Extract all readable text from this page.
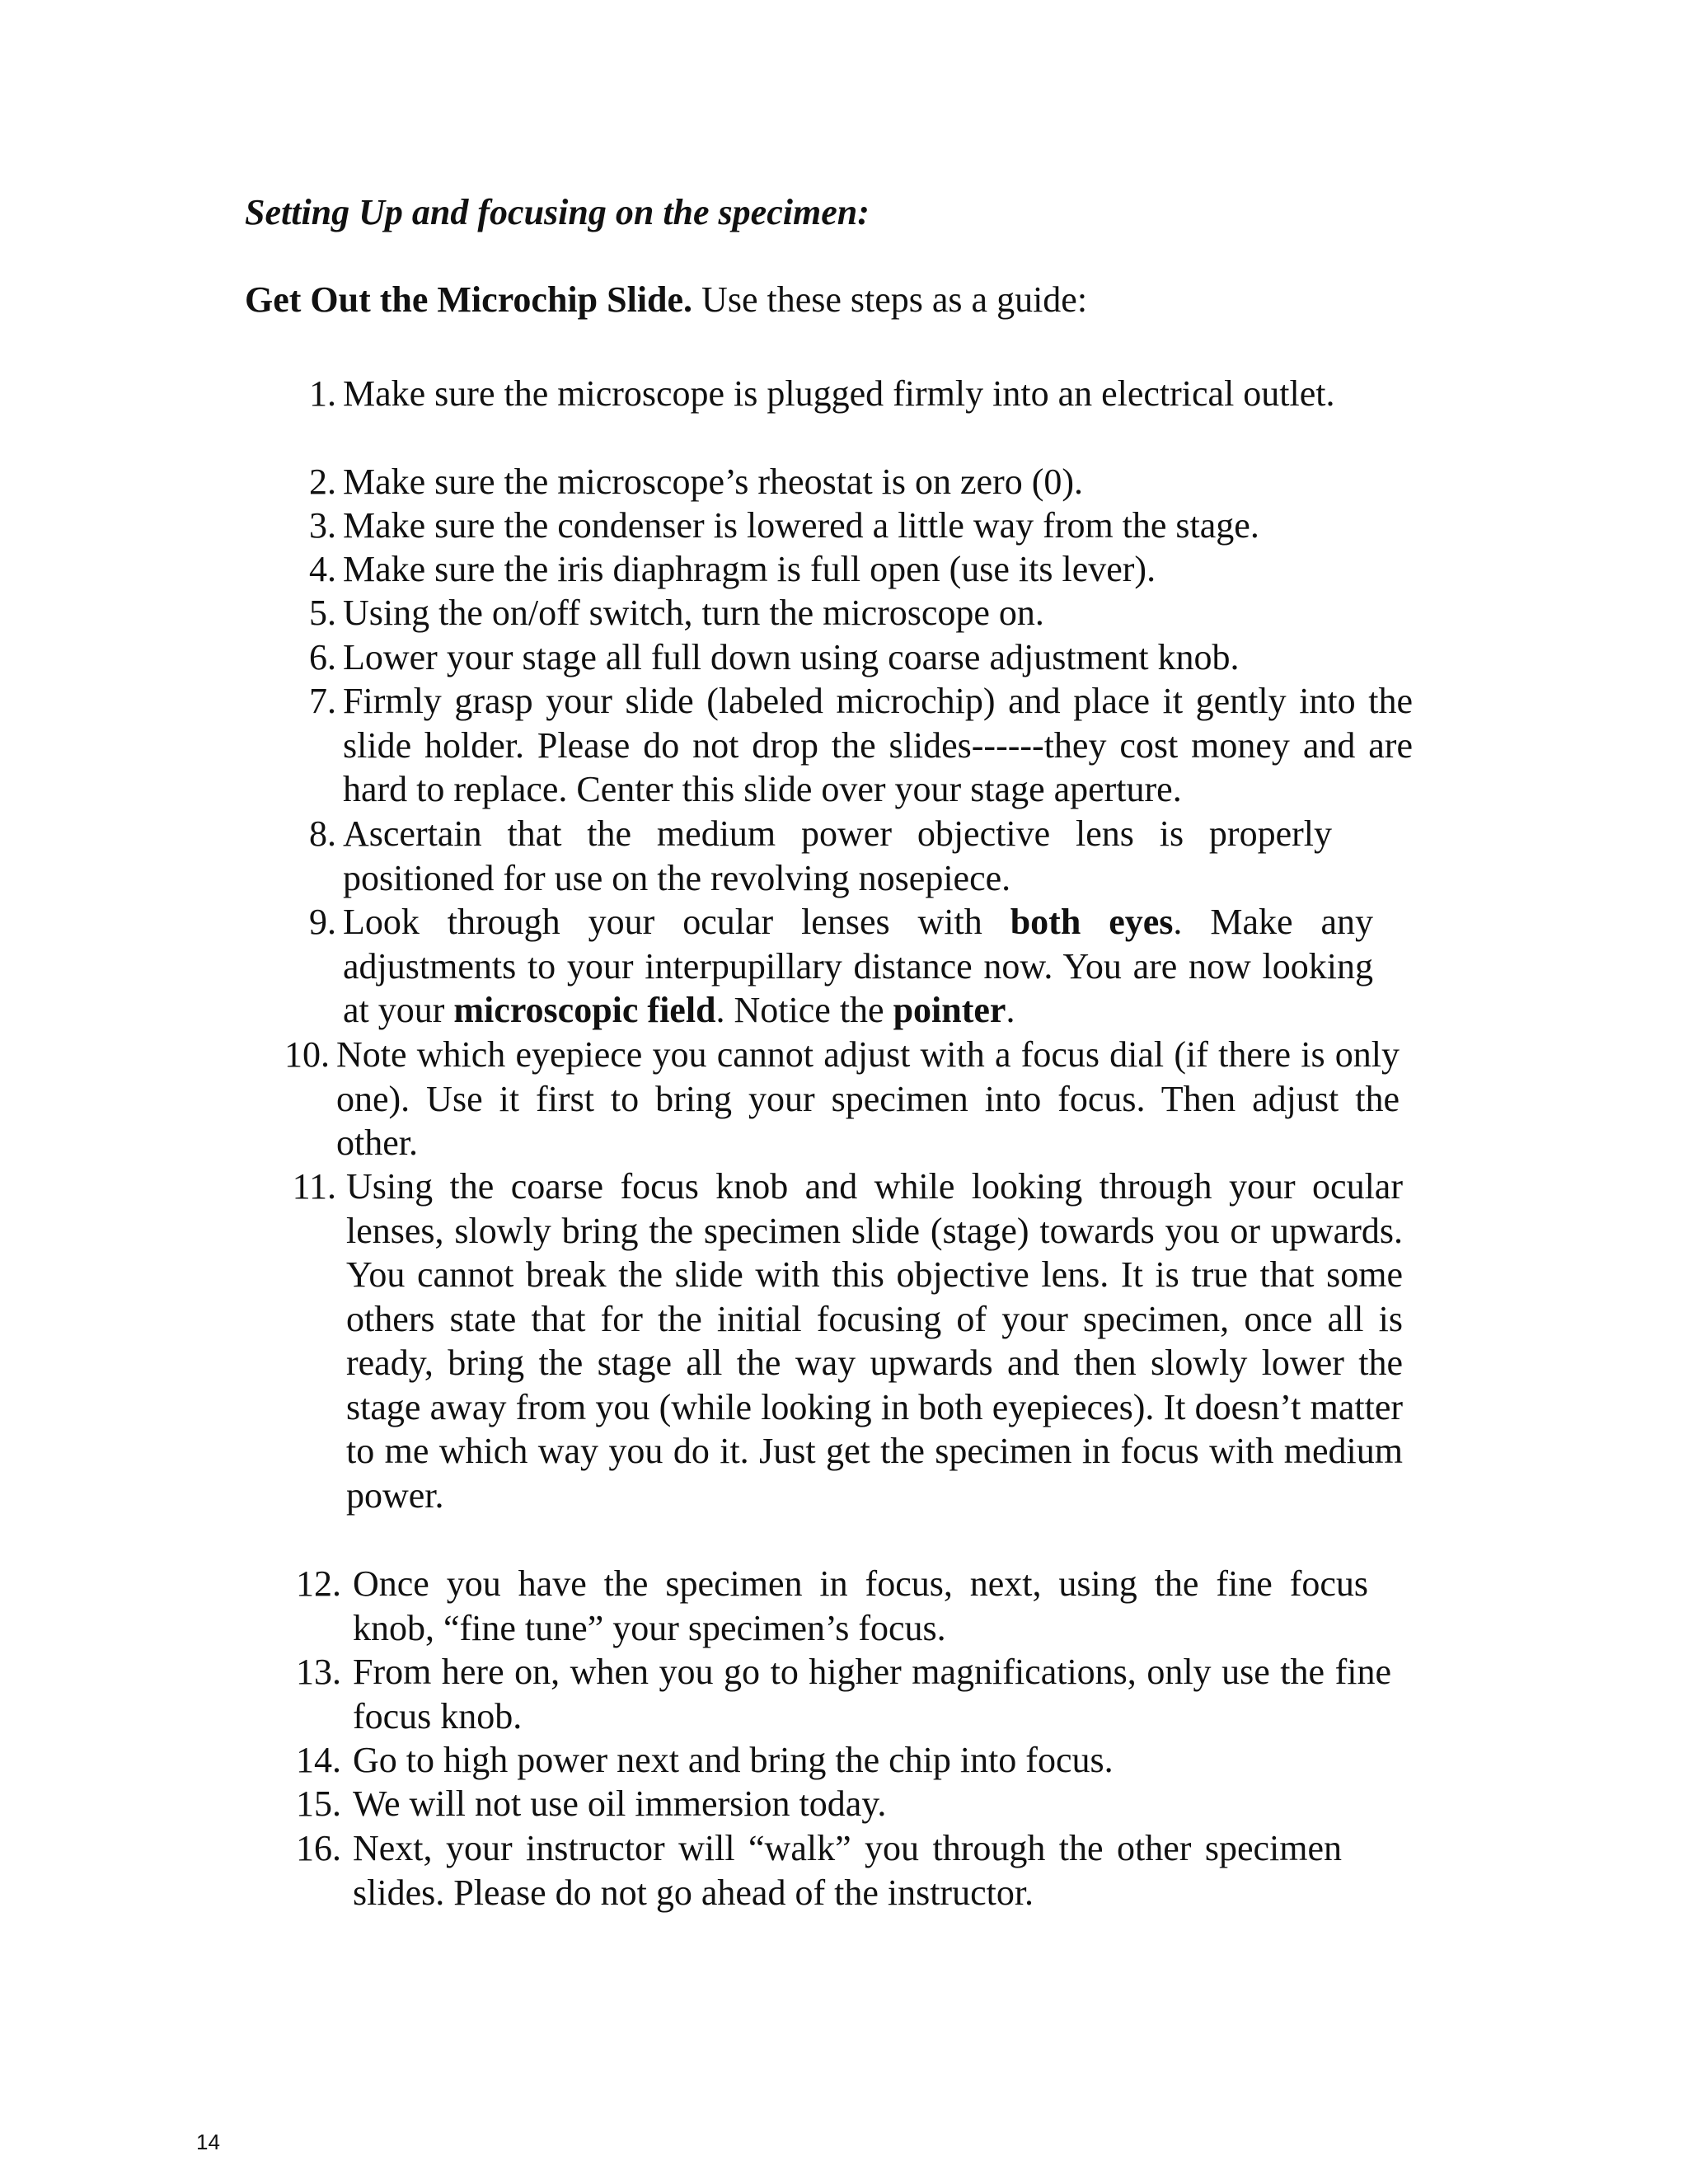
Setting Up and focusing on the specimen:

Get Out the Microchip Slide. Use these steps as a guide:

1. Make sure the microscope is plugged firmly into an electrical outlet.
2. Make sure the microscope’s rheostat is on zero (0).
3. Make sure the condenser is lowered a little way from the stage.
4. Make sure the iris diaphragm is full open (use its lever).
5. Using the on/off switch, turn the microscope on.
6. Lower your stage all full down using coarse adjustment knob.
7. Firmly grasp your slide (labeled microchip) and place it gently into the slide holder. Please do not drop the slides------they cost money and are hard to replace. Center this slide over your stage aperture.
8. Ascertain that the medium power objective lens is properly positioned for use on the revolving nosepiece.
9. Look through your ocular lenses with both eyes. Make any adjustments to your interpupillary distance now. You are now looking at your microscopic field. Notice the pointer.
10. Note which eyepiece you cannot adjust with a focus dial (if there is only one). Use it first to bring your specimen into focus. Then adjust the other.
11. Using the coarse focus knob and while looking through your ocular lenses, slowly bring the specimen slide (stage) towards you or upwards. You cannot break the slide with this objective lens. It is true that some others state that for the initial focusing of your specimen, once all is ready, bring the stage all the way upwards and then slowly lower the stage away from you (while looking in both eyepieces). It doesn’t matter to me which way you do it. Just get the specimen in focus with medium power.
12. Once you have the specimen in focus, next, using the fine focus knob, “fine tune” your specimen’s focus.
13. From here on, when you go to higher magnifications, only use the fine focus knob.
14. Go to high power next and bring the chip into focus.
15. We will not use oil immersion today.
16. Next, your instructor will “walk” you through the other specimen slides. Please do not go ahead of the instructor.
14
